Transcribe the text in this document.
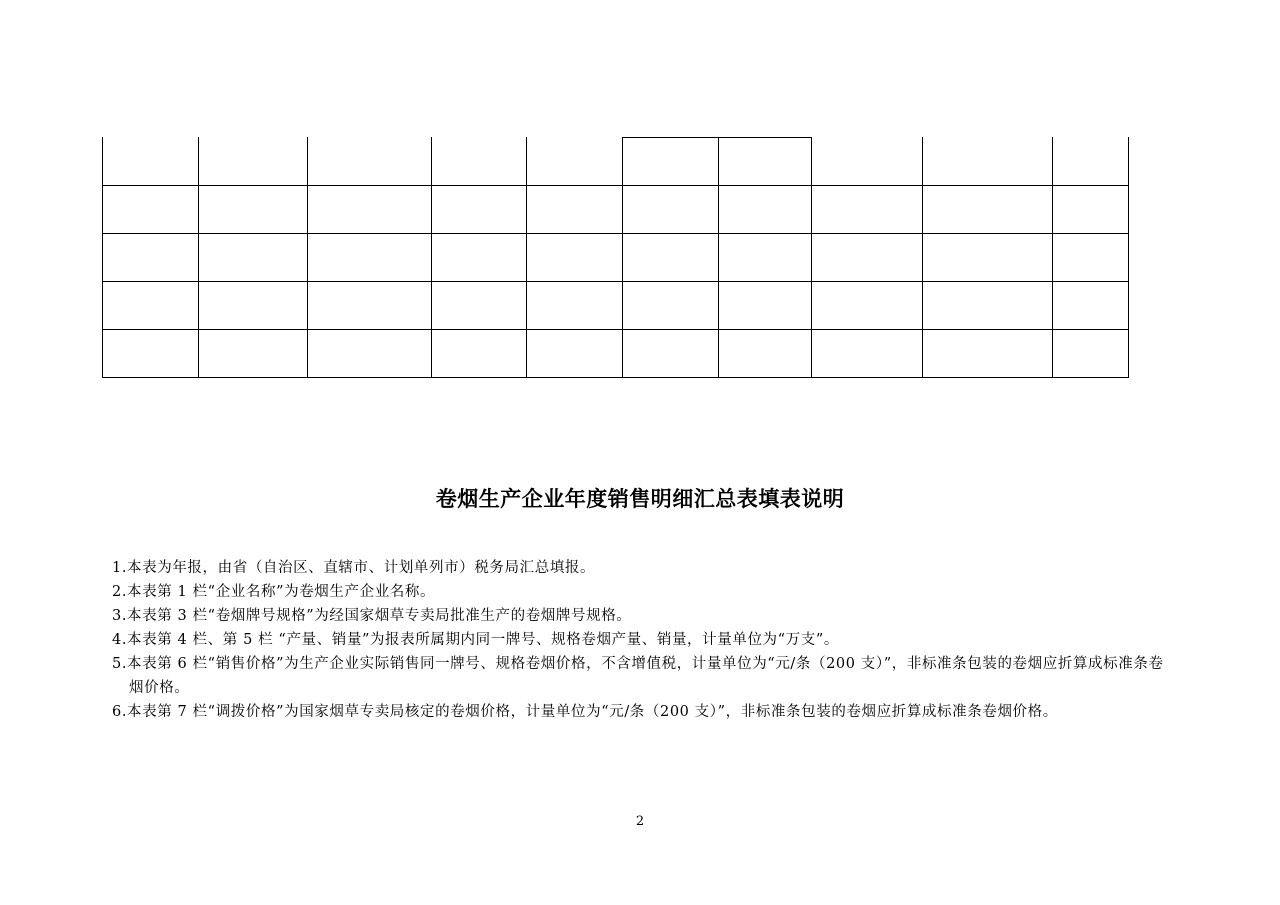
卷烟生产企业年度销售明细汇总表填表说明

1.本表为年报，由省（自治区、直辖市、计划单列市）税务局汇总填报。

2.本表第 1 栏“企业名称”为卷烟生产企业名称。

3.本表第 3 栏“卷烟牌号规格”为经国家烟草专卖局批准生产的卷烟牌号规格。

4.本表第 4 栏、第 5 栏 “产量、销量”为报表所属期内同一牌号、规格卷烟产量、销量，计量单位为“万支”。

5.本表第 6 栏“销售价格”为生产企业实际销售同一牌号、规格卷烟价格，不含增值税，计量单位为“元/条（200 支）”，非标准条包装的卷烟应折算成标准条卷烟价格。

6.本表第 7 栏“调拨价格”为国家烟草专卖局核定的卷烟价格，计量单位为“元/条（200 支）”，非标准条包装的卷烟应折算成标准条卷烟价格。

2
